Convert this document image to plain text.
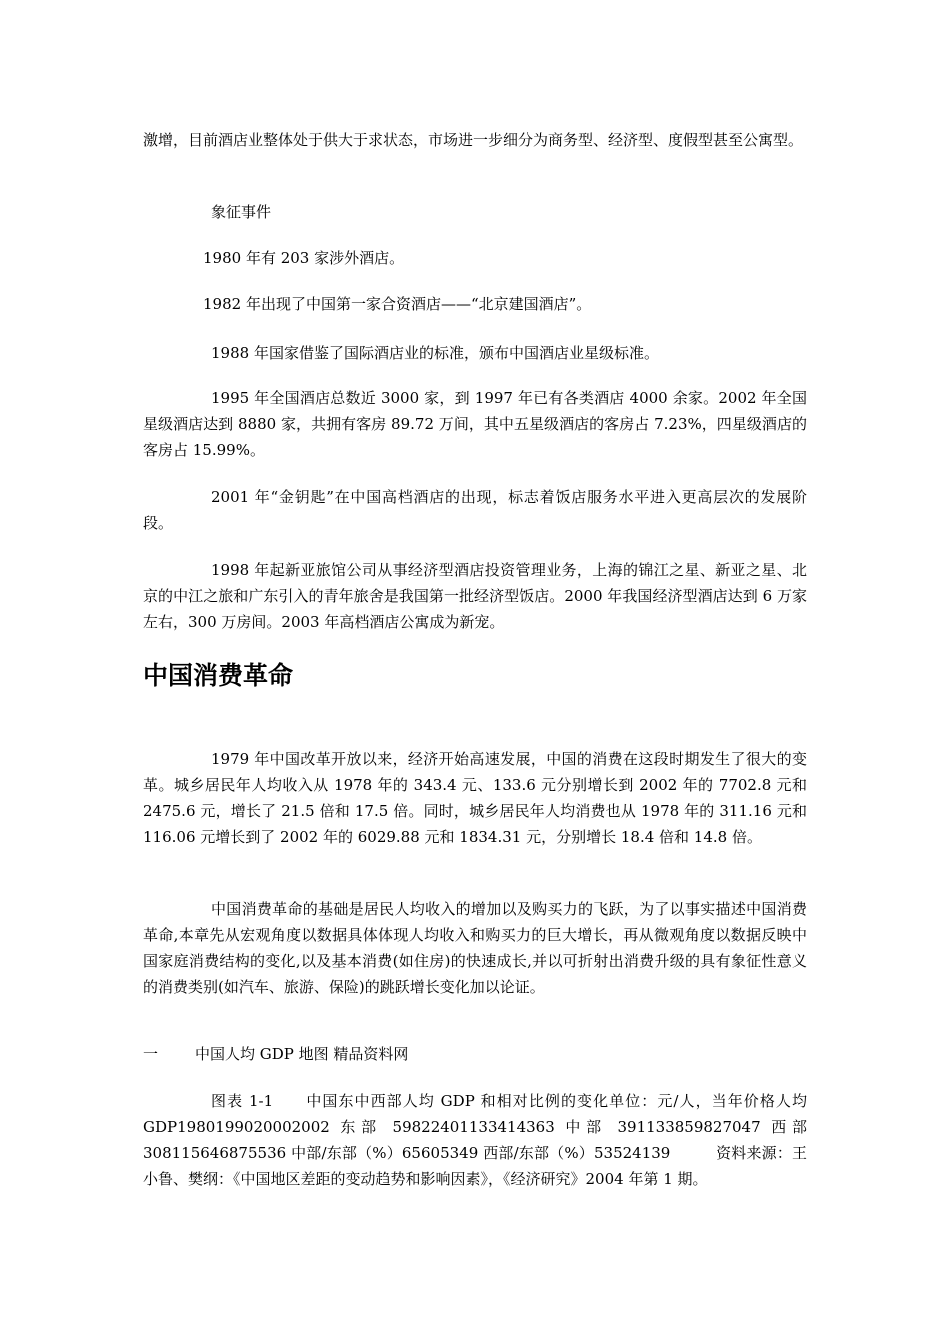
激增，目前酒店业整体处于供大于求状态，市场进一步细分为商务型、经济型、度假型甚至公寓型。

象征事件

1980 年有 203 家涉外酒店。

1982 年出现了中国第一家合资酒店——“北京建国酒店”。

1988 年国家借鉴了国际酒店业的标准，颁布中国酒店业星级标准。

1995 年全国酒店总数近 3000 家，到 1997 年已有各类酒店 4000 余家。2002 年全国星级酒店达到 8880 家，共拥有客房 89.72 万间，其中五星级酒店的客房占 7.23%，四星级酒店的客房占 15.99%。

2001 年“金钥匙”在中国高档酒店的出现，标志着饭店服务水平进入更高层次的发展阶段。

1998 年起新亚旅馆公司从事经济型酒店投资管理业务，上海的锦江之星、新亚之星、北京的中江之旅和广东引入的青年旅舍是我国第一批经济型饭店。2000 年我国经济型酒店达到 6 万家左右，300 万房间。2003 年高档酒店公寓成为新宠。

中国消费革命

1979 年中国改革开放以来，经济开始高速发展，中国的消费在这段时期发生了很大的变革。城乡居民年人均收入从 1978 年的 343.4 元、133.6 元分别增长到 2002 年的 7702.8 元和 2475.6 元，增长了 21.5 倍和 17.5 倍。同时，城乡居民年人均消费也从 1978 年的 311.16 元和 116.06 元增长到了 2002 年的 6029.88 元和 1834.31 元，分别增长 18.4 倍和 14.8 倍。

中国消费革命的基础是居民人均收入的增加以及购买力的飞跃，为了以事实描述中国消费革命,本章先从宏观角度以数据具体体现人均收入和购买力的巨大增长，再从微观角度以数据反映中国家庭消费结构的变化,以及基本消费(如住房)的快速成长,并以可折射出消费升级的具有象征性意义的消费类别(如汽车、旅游、保险)的跳跃增长变化加以论证。

一 中国人均 GDP 地图 精品资料网

图表 1-1　　中国东中西部人均 GDP 和相对比例的变化单位：元/人，当年价格人均 GDP1980199020002002 东部 59822401133414363 中部 391133859827047 西部 308115646875536 中部/东部（%）65605349 西部/东部（%）53524139　　　资料来源：王小鲁、樊纲：《中国地区差距的变动趋势和影响因素》，《经济研究》2004 年第 1 期。
